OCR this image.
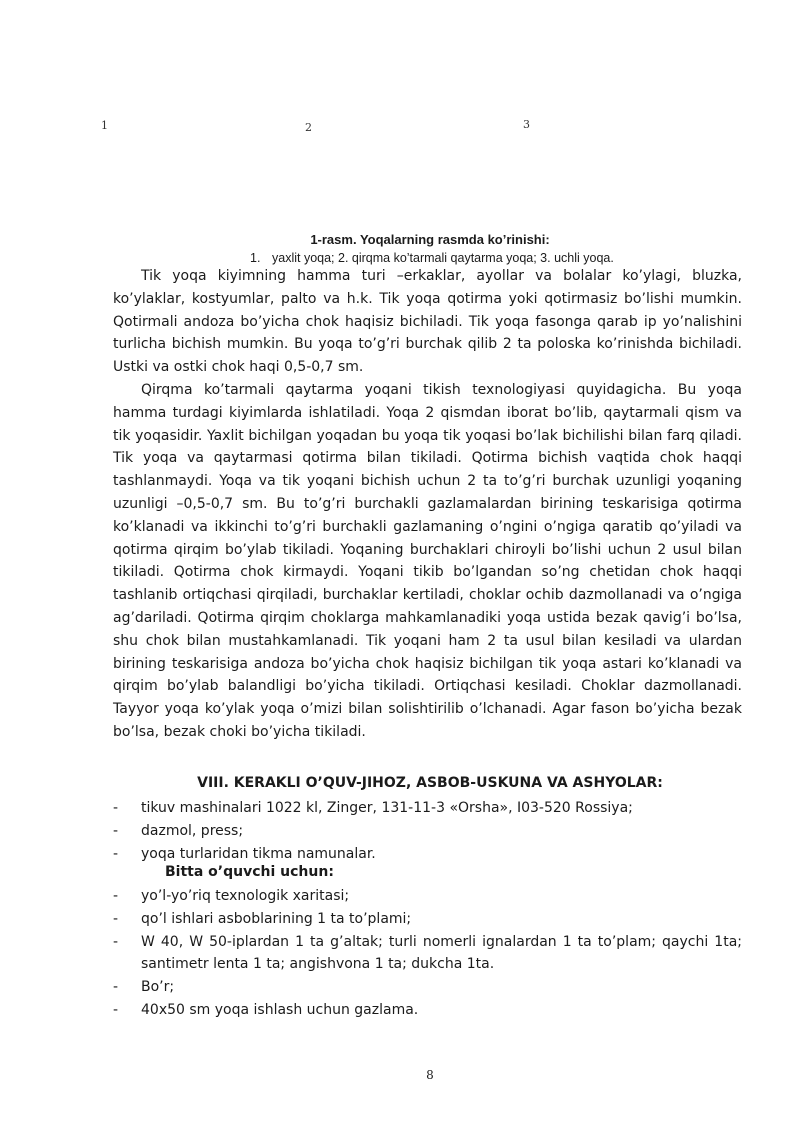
1	2	3
1-rasm. Yoqalarning rasmda ko’rinishi:
1. yaxlit yoqa; 2. qirqma ko’tarmali qaytarma yoqa; 3. uchli yoqa.

Tik yoqa kiyimning hamma turi –erkaklar, ayollar va bolalar ko’ylagi, bluzka, ko’ylaklar, kostyumlar, palto va h.k. Tik yoqa qotirma yoki qotirmasiz bo’lishi mumkin. Qotirmali andoza bo’yicha chok haqisiz bichiladi. Tik yoqa fasonga qarab ip yo’nalishini turlicha bichish mumkin. Bu yoqa to’g’ri burchak qilib 2 ta poloska ko’rinishda bichiladi. Ustki va ostki chok haqi 0,5-0,7 sm.

Qirqma ko’tarmali qaytarma yoqani tikish texnologiyasi quyidagicha. Bu yoqa hamma turdagi kiyimlarda ishlatiladi. Yoqa 2 qismdan iborat bo’lib, qaytarmali qism va tik yoqasidir. Yaxlit bichilgan yoqadan bu yoqa tik yoqasi bo’lak bichilishi bilan farq qiladi. Tik yoqa va qaytarmasi qotirma bilan tikiladi. Qotirma bichish vaqtida chok haqqi tashlanmaydi. Yoqa va tik yoqani bichish uchun 2 ta to’g’ri burchak uzunligi yoqaning uzunligi –0,5-0,7 sm. Bu to’g’ri burchakli gazlamalardan birining teskarisiga qotirma ko’klanadi va ikkinchi to’g’ri burchakli gazlamaning o’ngini o’ngiga qaratib qo’yiladi va qotirma qirqim bo’ylab tikiladi. Yoqaning burchaklari chiroyli bo’lishi uchun 2 usul bilan tikiladi. Qotirma chok kirmaydi. Yoqani tikib bo’lgandan so’ng chetidan chok haqqi tashlanib ortiqchasi qirqiladi, burchaklar kertiladi, choklar ochib dazmollanadi va o’ngiga ag’dariladi. Qotirma qirqim choklarga mahkamlanadiki yoqa ustida bezak qavig’i bo’lsa, shu chok bilan mustahkamlanadi. Tik yoqani ham 2 ta usul bilan kesiladi va ulardan birining teskarisiga andoza bo’yicha chok haqisiz bichilgan tik yoqa astari ko’klanadi va qirqim bo’ylab balandligi bo’yicha tikiladi. Ortiqchasi kesiladi. Choklar dazmollanadi. Tayyor yoqa ko’ylak yoqa o’mizi bilan solishtirilib o’lchanadi. Agar fason bo’yicha bezak bo’lsa, bezak choki bo’yicha tikiladi.

VIII. KERAKLI O’QUV-JIHOZ, ASBOB-USKUNA VA ASHYOLAR:
- tikuv mashinalari 1022 kl, Zinger, 131-11-3 «Orsha», I03-520 Rossiya;
- dazmol, press;
- yoqa turlaridan tikma namunalar.
Bitta o’quvchi uchun:
- yo’l-yo’riq texnologik xaritasi;
- qo’l ishlari asboblarining 1 ta to’plami;
- W 40, W 50-iplardan 1 ta g’altak; turli nomerli ignalardan 1 ta to’plam; qaychi 1ta; santimetr lenta 1 ta; angishvona 1 ta; dukcha 1ta.
- Bo’r;
- 40x50 sm yoqa ishlash uchun gazlama.
8
